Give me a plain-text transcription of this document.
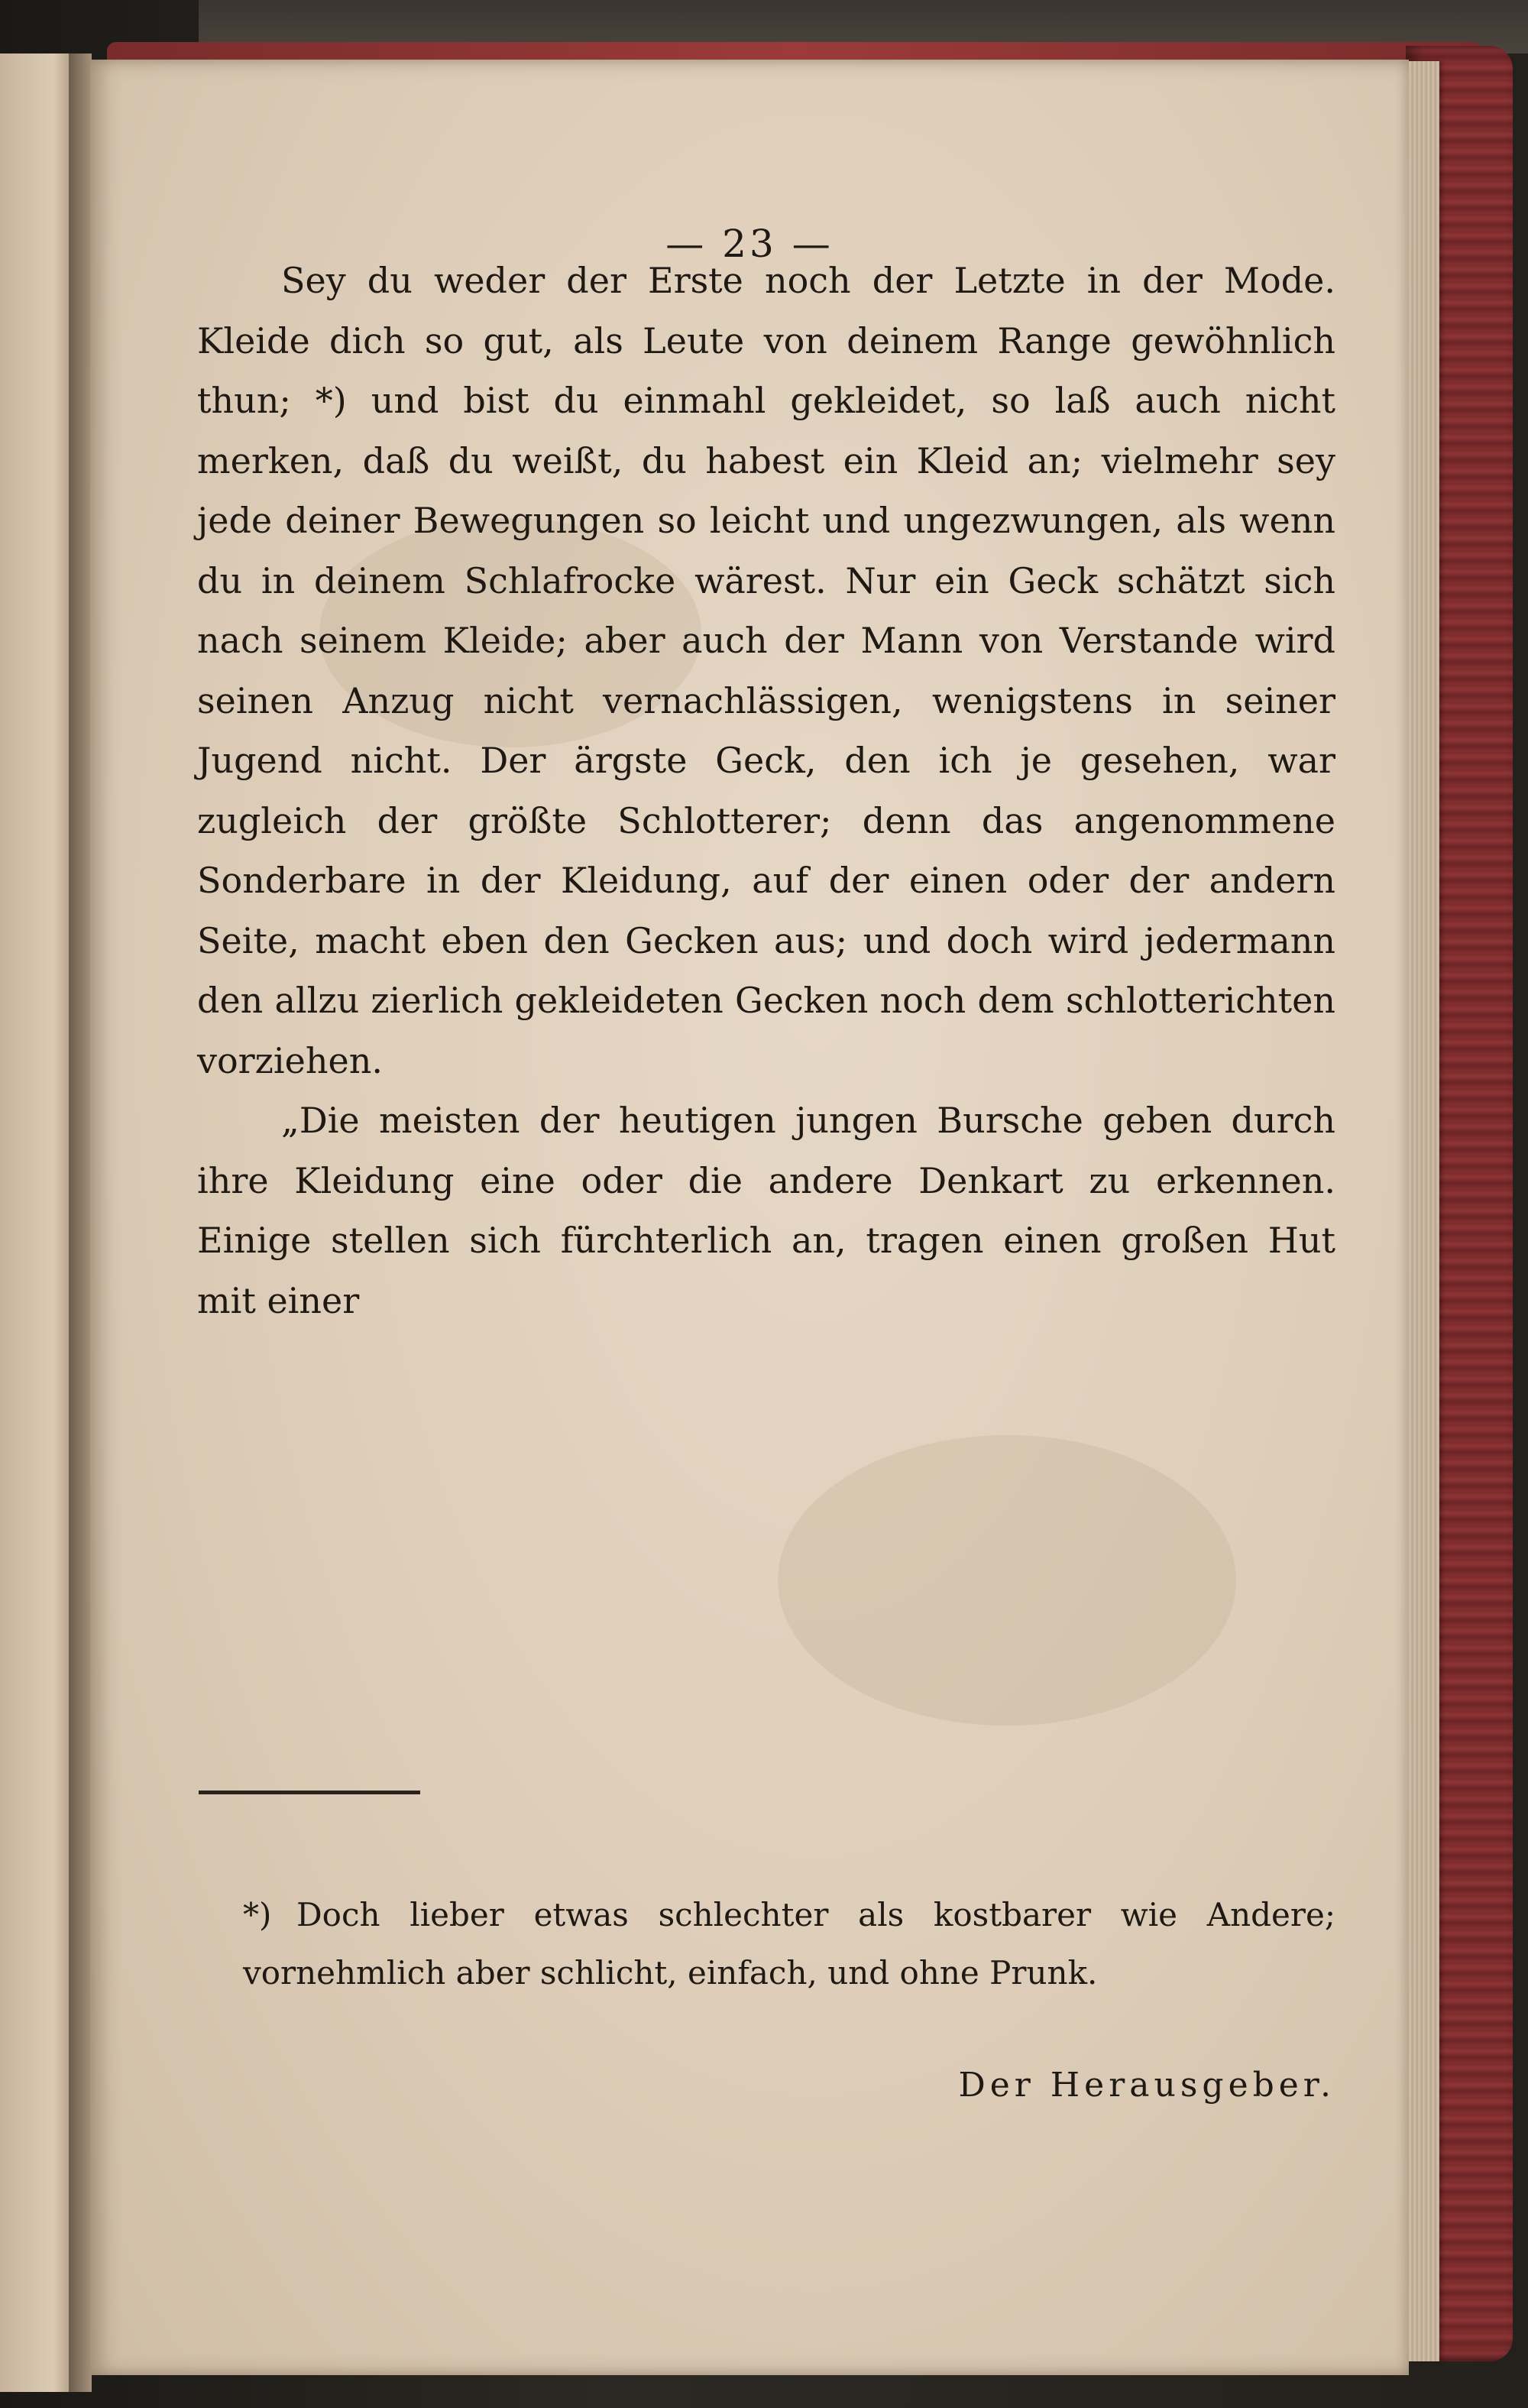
— 23 —

Sey du weder der Erste noch der Letzte in der Mode. Kleide dich so gut, als Leute von deinem Range gewöhnlich thun; *) und bist du einmahl gekleidet, so laß auch nicht merken, daß du weißt, du habest ein Kleid an; vielmehr sey jede deiner Bewegungen so leicht und ungezwungen, als wenn du in deinem Schlafrocke wärest. Nur ein Geck schätzt sich nach seinem Kleide; aber auch der Mann von Verstande wird seinen Anzug nicht vernachlässigen, wenigstens in seiner Jugend nicht. Der ärgste Geck, den ich je gesehen, war zugleich der größte Schlotterer; denn das angenommene Sonderbare in der Kleidung, auf der einen oder der andern Seite, macht eben den Gecken aus; und doch wird jedermann den allzu zierlich gekleideten Gecken noch dem schlotterichten vorziehen.

„Die meisten der heutigen jungen Bursche geben durch ihre Kleidung eine oder die andere Denkart zu erkennen. Einige stellen sich fürchterlich an, tragen einen großen Hut mit einer

*) Doch lieber etwas schlechter als kostbarer wie Andere; vornehmlich aber schlicht, einfach, und ohne Prunk.
Der Herausgeber.
